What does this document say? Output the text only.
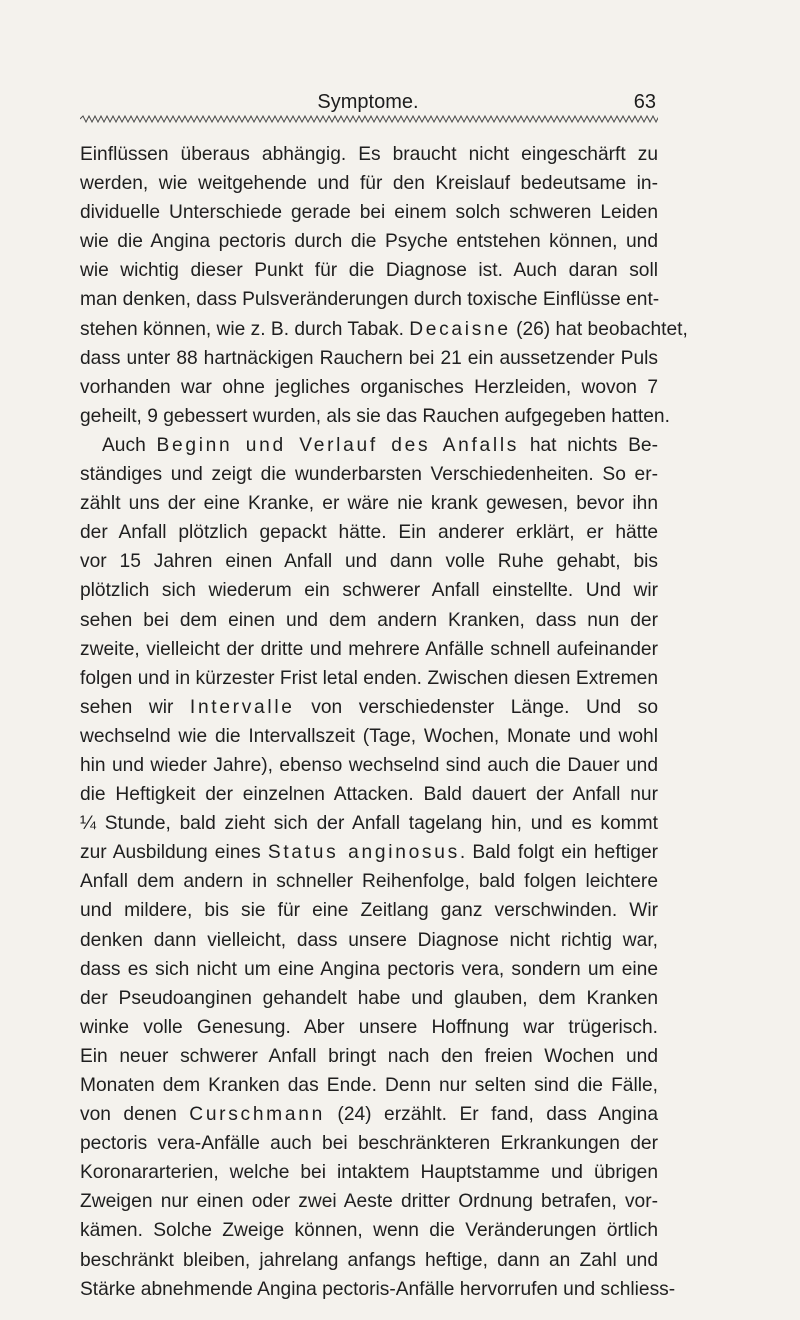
Symptome.	63
Einflüssen überaus abhängig. Es braucht nicht eingeschärft zu
werden, wie weitgehende und für den Kreislauf bedeutsame in-
dividuelle Unterschiede gerade bei einem solch schweren Leiden
wie die Angina pectoris durch die Psyche entstehen können, und
wie wichtig dieser Punkt für die Diagnose ist. Auch daran soll
man denken, dass Pulsveränderungen durch toxische Einflüsse ent-
stehen können, wie z. B. durch Tabak. Decaisne (26) hat beobachtet,
dass unter 88 hartnäckigen Rauchern bei 21 ein aussetzender Puls
vorhanden war ohne jegliches organisches Herzleiden, wovon 7
geheilt, 9 gebessert wurden, als sie das Rauchen aufgegeben hatten.
Auch Beginn und Verlauf des Anfalls hat nichts Be-
ständiges und zeigt die wunderbarsten Verschiedenheiten. So er-
zählt uns der eine Kranke, er wäre nie krank gewesen, bevor ihn
der Anfall plötzlich gepackt hätte. Ein anderer erklärt, er hätte
vor 15 Jahren einen Anfall und dann volle Ruhe gehabt, bis
plötzlich sich wiederum ein schwerer Anfall einstellte. Und wir
sehen bei dem einen und dem andern Kranken, dass nun der
zweite, vielleicht der dritte und mehrere Anfälle schnell aufeinander
folgen und in kürzester Frist letal enden. Zwischen diesen Extremen
sehen wir Intervalle von verschiedenster Länge. Und so
wechselnd wie die Intervallszeit (Tage, Wochen, Monate und wohl
hin und wieder Jahre), ebenso wechselnd sind auch die Dauer und
die Heftigkeit der einzelnen Attacken. Bald dauert der Anfall nur
¼ Stunde, bald zieht sich der Anfall tagelang hin, und es kommt
zur Ausbildung eines Status anginosus. Bald folgt ein heftiger
Anfall dem andern in schneller Reihenfolge, bald folgen leichtere
und mildere, bis sie für eine Zeitlang ganz verschwinden. Wir
denken dann vielleicht, dass unsere Diagnose nicht richtig war,
dass es sich nicht um eine Angina pectoris vera, sondern um eine
der Pseudoanginen gehandelt habe und glauben, dem Kranken
winke volle Genesung. Aber unsere Hoffnung war trügerisch.
Ein neuer schwerer Anfall bringt nach den freien Wochen und
Monaten dem Kranken das Ende. Denn nur selten sind die Fälle,
von denen Curschmann (24) erzählt. Er fand, dass Angina
pectoris vera-Anfälle auch bei beschränkteren Erkrankungen der
Koronararterien, welche bei intaktem Hauptstamme und übrigen
Zweigen nur einen oder zwei Aeste dritter Ordnung betrafen, vor-
kämen. Solche Zweige können, wenn die Veränderungen örtlich
beschränkt bleiben, jahrelang anfangs heftige, dann an Zahl und
Stärke abnehmende Angina pectoris-Anfälle hervorrufen und schliess-
